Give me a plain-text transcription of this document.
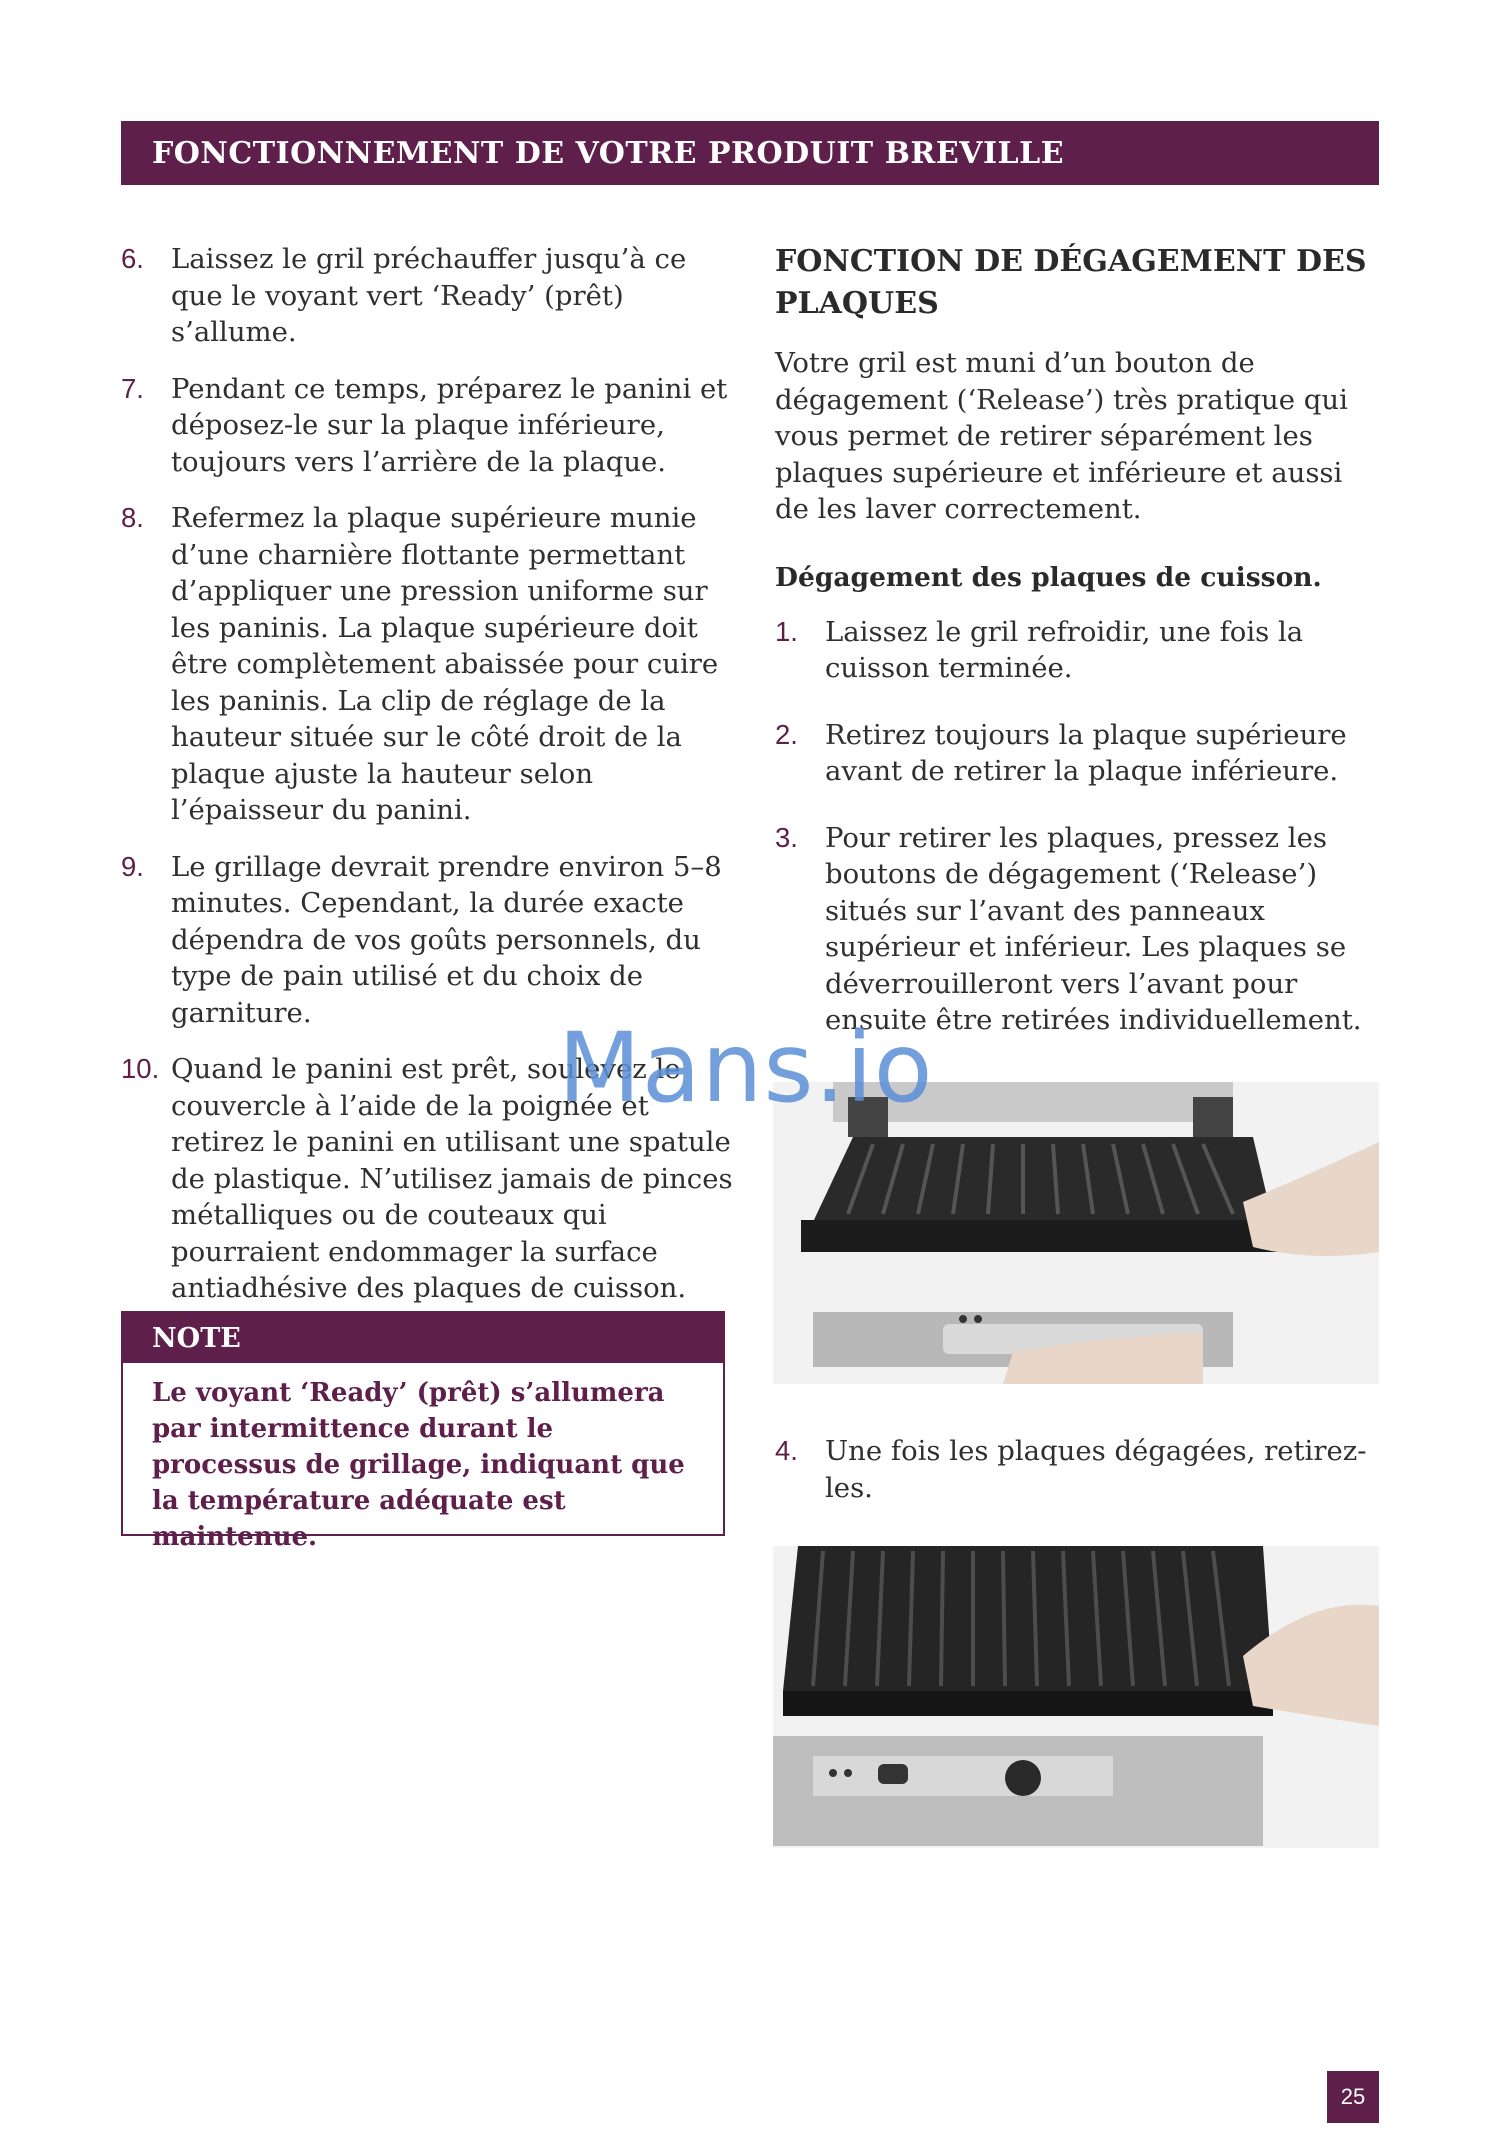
FONCTIONNEMENT DE VOTRE PRODUIT BREVILLE
6. Laissez le gril préchauffer jusqu’à ce que le voyant vert ‘Ready’ (prêt) s’allume.
7. Pendant ce temps, préparez le panini et déposez-le sur la plaque inférieure, toujours vers l’arrière de la plaque.
8. Refermez la plaque supérieure munie d’une charnière flottante permettant d’appliquer une pression uniforme sur les paninis. La plaque supérieure doit être complètement abaissée pour cuire les paninis. La clip de réglage de la hauteur située sur le côté droit de la plaque ajuste la hauteur selon l’épaisseur du panini.
9. Le grillage devrait prendre environ 5–8 minutes. Cependant, la durée exacte dépendra de vos goûts personnels, du type de pain utilisé et du choix de garniture.
10. Quand le panini est prêt, soulevez le couvercle à l’aide de la poignée et retirez le panini en utilisant une spatule de plastique. N’utilisez jamais de pinces métalliques ou de couteaux qui pourraient endommager la surface antiadhésive des plaques de cuisson.
NOTE
Le voyant ‘Ready’ (prêt) s’allumera par intermittence durant le processus de grillage, indiquant que la température adéquate est maintenue.
FONCTION DE DÉGAGEMENT DES PLAQUES
Votre gril est muni d’un bouton de dégagement (‘Release’) très pratique qui vous permet de retirer séparément les plaques supérieure et inférieure et aussi de les laver correctement.
Dégagement des plaques de cuisson.
1. Laissez le gril refroidir, une fois la cuisson terminée.
2. Retirez toujours la plaque supérieure avant de retirer la plaque inférieure.
3. Pour retirer les plaques, pressez les boutons de dégagement (‘Release’) situés sur l’avant des panneaux supérieur et inférieur. Les plaques se déverrouilleront vers l’avant pour ensuite être retirées individuellement.
4. Une fois les plaques dégagées, retirez-les.
Mans.io
25
